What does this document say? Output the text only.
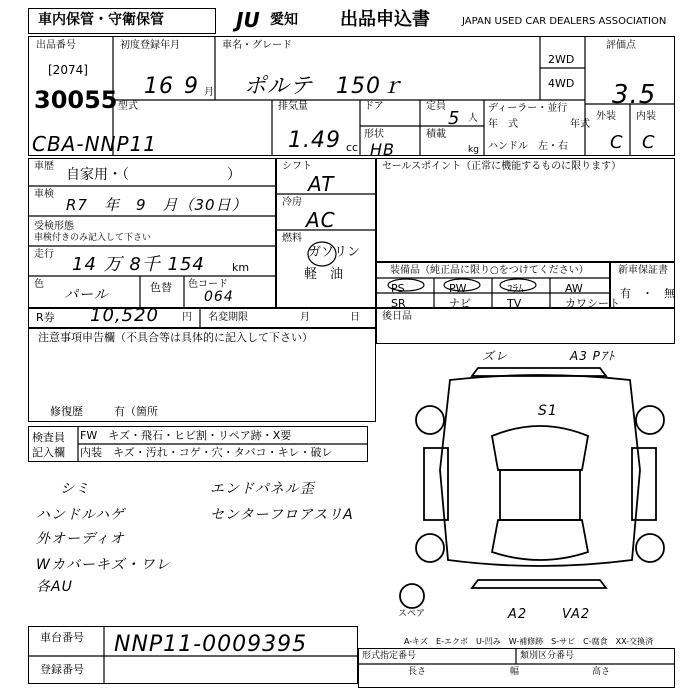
車内保管・守衛保管	JU 愛知 出品申込書	JAPAN USED CAR DEALERS ASSOCIATION
出品番号
[2074]
30055
初度登録年月
16 9 月
車名・グレード
ポルテ　150ｒ
2WD
4WD
評価点
3.5
外装 内装
C C
型式
CBA-NNP11
排気量
1.49 cc
ドア	定員
5 人
形状
HB
積載
kg
ディーラー・並行
年　式	年式
ハンドル　左・右
車歴
自家用・（　　　　　　　）
車検
R7　年　9　月（30日）
受検形態
車検付きのみ記入して下さい
走行 14 万 8千 154 km
色
パール	色替 色コード
064
シフト
AT
冷房
AC
燃料
ガソリン
軽　油
セールスポイント（正常に機能するものに限ります）
装備品（純正品に限り○をつけてください）
PS	PW	ｺﾗﾑ	AW
SR	ナビ	TV	カワシート
新車保証書
有　・　無
R券 10,520 円 名変期限	月	日 後日品
注意事項申告欄（不具合等は具体的に記入して下さい）
修復歴	有（箇所
検査員
記入欄
FW　キズ・飛石・ヒビ割・リペア跡・X要
内装　キズ・汚れ・コゲ・穴・タバコ・キレ・破レ
シミ	エンドパネル歪
ハンドルハゲ	センターフロアスリA
外オーディオ
Wカバーキズ・ワレ
各AU
ズレ	A3 Pｱﾄ
S1
A2	VA2
スペア
A-キズ　E-エクボ　U-凹み　W-補修跡　S-サビ　C-腐食　XX-交換済
車台番号 NNP11-0009395
登録番号
形式指定番号	類別区分番号
長さ	幅	高さ
